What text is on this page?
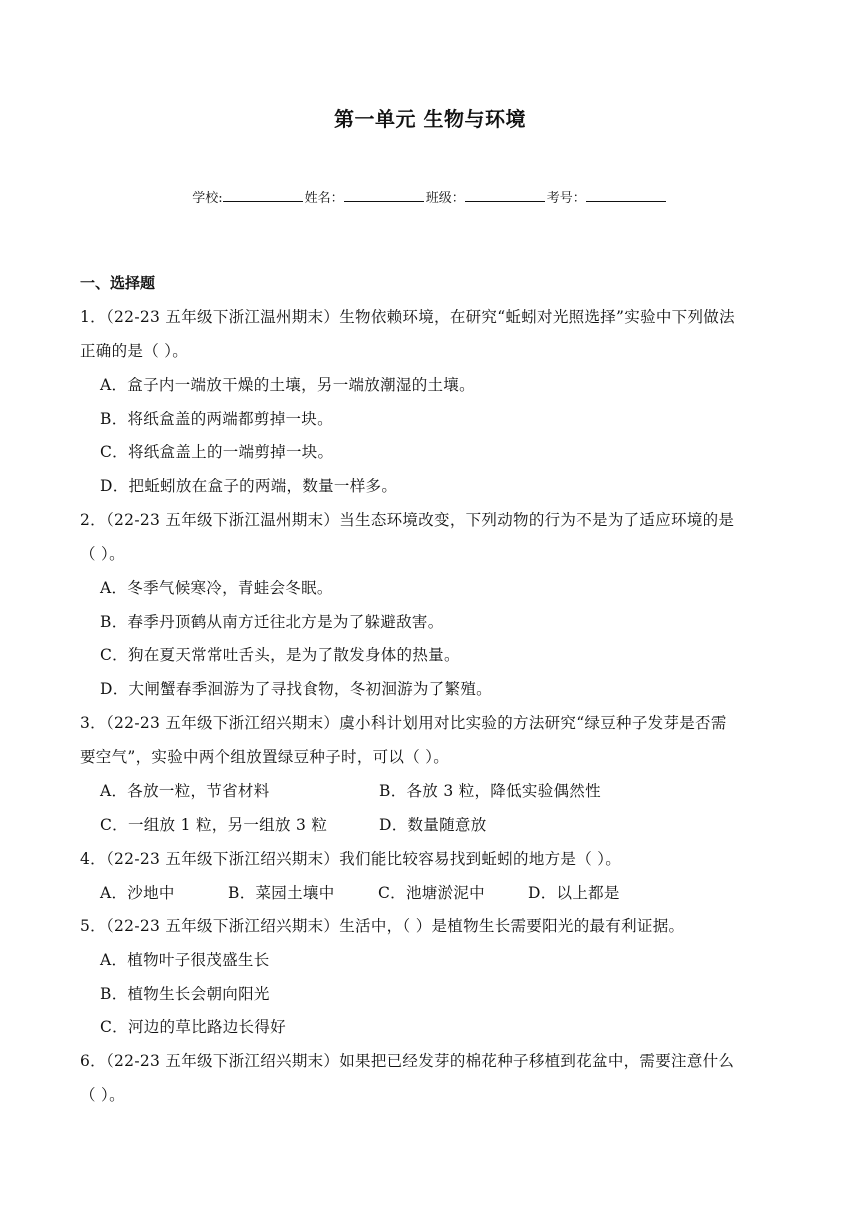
第一单元 生物与环境
学校:	姓名：	班级：	考号：
一、选择题
1．（22-23 五年级下浙江温州期末）生物依赖环境，在研究“蚯蚓对光照选择”实验中下列做法
正确的是（ ）。
A．盒子内一端放干燥的土壤，另一端放潮湿的土壤。
B．将纸盒盖的两端都剪掉一块。
C．将纸盒盖上的一端剪掉一块。
D．把蚯蚓放在盒子的两端，数量一样多。
2．（22-23 五年级下浙江温州期末）当生态环境改变，下列动物的行为不是为了适应环境的是
（ ）。
A．冬季气候寒冷，青蛙会冬眠。
B．春季丹顶鹤从南方迁往北方是为了躲避敌害。
C．狗在夏天常常吐舌头，是为了散发身体的热量。
D．大闸蟹春季洄游为了寻找食物，冬初洄游为了繁殖。
3．（22-23 五年级下浙江绍兴期末）虞小科计划用对比实验的方法研究“绿豆种子发芽是否需
要空气”，实验中两个组放置绿豆种子时，可以（ ）。
A．各放一粒，节省材料	B．各放 3 粒，降低实验偶然性
C．一组放 1 粒，另一组放 3 粒	D．数量随意放
4．（22-23 五年级下浙江绍兴期末）我们能比较容易找到蚯蚓的地方是（ ）。
A．沙地中	B．菜园土壤中	C．池塘淤泥中	D．以上都是
5．（22-23 五年级下浙江绍兴期末）生活中，（ ）是植物生长需要阳光的最有利证据。
A．植物叶子很茂盛生长
B．植物生长会朝向阳光
C．河边的草比路边长得好
6．（22-23 五年级下浙江绍兴期末）如果把已经发芽的棉花种子移植到花盆中，需要注意什么
（ ）。
